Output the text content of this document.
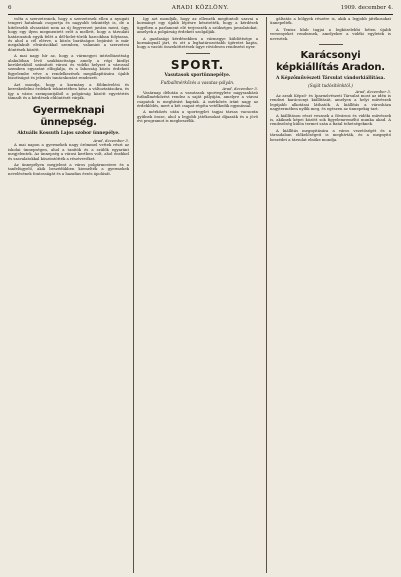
6	ARADI KÖZLÖNY.	1909. december 4.

volta a szerzetesnek, hogy a szerzetesek ellen a nyugati tengeri hatalmak csoportja és nagyobb tekintélyt is, de a hitelesebb olvasztást nem az új fegyverzet javára ment, úgy, hogy egy ilyen megmentett erőt a mellett, hogy a társulati határozatok egyik felét a dél-kelet-török harcokban folytassa, és ahol a cél elérve, a közös barátságos bejárást is már megalakult elvárásokkal szemben, valamint a szerzetesi döntések között.

A mai nagy hír az, hogy a vármegyei intézőbizottság alakulóban lévő szakbizottsága amely a régi királyi kerületekből számított városi és vidéki helyzet a várossal szemben egyaránt elfoglalja, és a lakosság közös érdekeit figyelembe véve a rendelkezések megállapítására újabb bizottságot és jelentős tanácskozást rendezett.

Azt mondja, hogy a kormány a földmívelési és kereskedelmi érdekek tekintetében kész a változtatásokra, és így a város szempontjából a polgárság között egyetértés támadt és a kérdések eldöntését várják.

Gyermeknapi ünnepség.
Aktuális Kossuth Lajos szobor ünnepélye.
Arad, december 3.

A mai napon a gyermekek nagy örömmel vettek részt az iskolai ünnepségen, ahol a tanítók és a szülők egyaránt megjelentek. Az ünnepség a városi kertben volt, ahol énekkel és szavalatokkal köszöntötték a résztvevőket.

Az ünnepélyen megjelent a város polgármestere és a tanfelügyelő, akik beszédükben kiemelték a gyermekek nevelésének fontosságát és a hazafias érzés ápolását.

Így azt mondják, hogy az ellenzék megfontolt szavai a kormányt egy újabb lépésre késztették, hogy a kérdések ügyében a parlament elé terjesszék a szükséges javaslatokat, amelyek a polgárság érdekeit szolgálják.

A gazdasági kérdésekben a vármegye küldöttsége a kormánynál járt, és ott a leghatározottabb ígéretet kapta, hogy a vasúti összeköttetések ügye rövidesen rendezést nyer.

SPORT.
Vasutasok sportünnepélye.
Futballmérkőzés a vasutas-pályán.
Arad, december 3.

Vasárnap délután a vasutasok sportegylete nagyszabású futballmérkőzést rendez a saját pályáján, amelyre a városi csapatok is meghívást kaptak. A mérkőzés iránt nagy az érdeklődés, mert a két csapat régóta vetélkedik egymással.

A mérkőzés után a sportegylet tagjai társas vacsorán gyűlnek össze, ahol a legjobb játékosokat díjazzák és a jövő évi programot is megbeszélik.

gáltatás a hölgyek részére is, akik a legjobb játékosokat ünnepelték.

A Tenisz klub tagjai a legközelebbi héten újabb versenyeket rendeznek, amelyekre a vidéki egyletek is neveztek.

Karácsonyi képkiállítás Aradon.
A Képzőművészeti Társulat vándorkiállítása.
(Saját tudósítónktól.)
Arad, december 3.

Az aradi Képző- és Iparművészeti Társulat most az idén is rendezi karácsonyi kiállítását, amelyen a helyi művészek legújabb alkotásai láthatók. A kiállítás a városháza nagytermében nyílik meg, és egészen az ünnepekig tart.

A kiállításon részt vesznek a fővárosi és vidéki művészek is, akiknek képei között sok figyelemreméltó munka akad. A rendezőség külön termet szán a fiatal tehetségeknek.

A kiállítás megnyitására a város vezetőségét és a társadalom előkelőségeit is meghívták, és a megnyitó beszédet a társulat elnöke mondja.
